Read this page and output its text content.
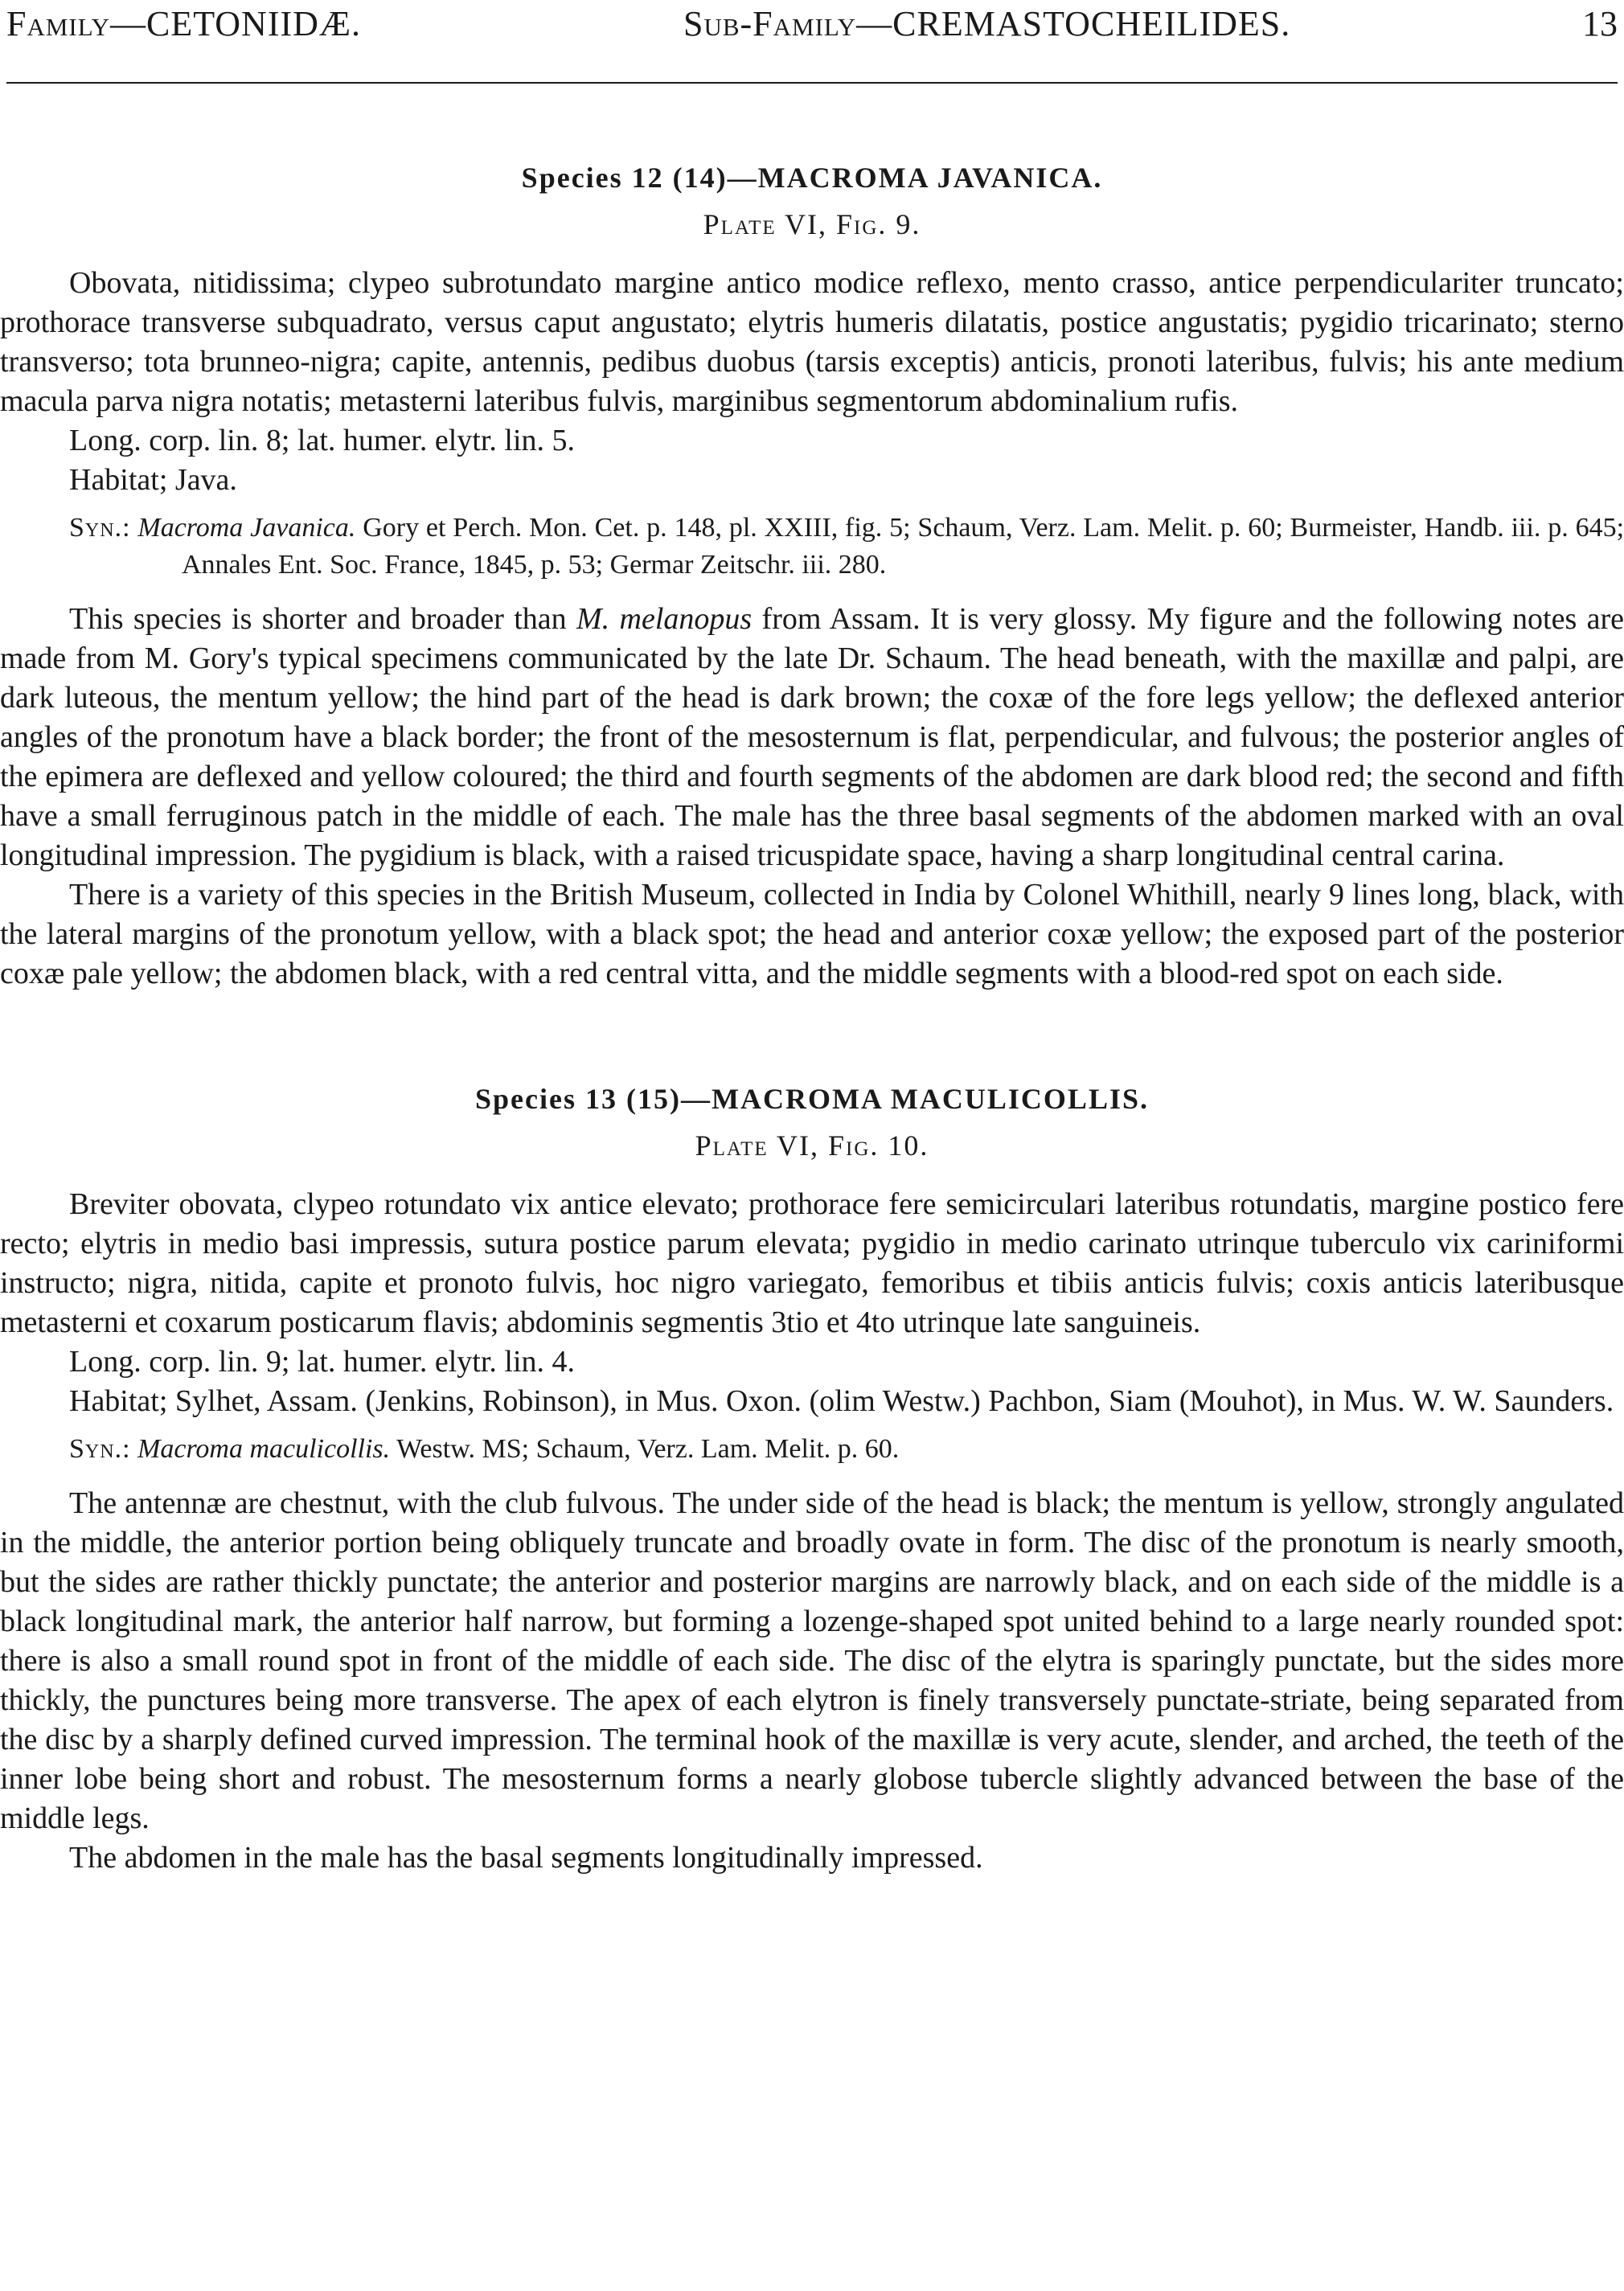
Family—CETONIIDÆ.	Sub-Family—CREMASTOCHEILIDES.	13
Species 12 (14)—MACROMA JAVANICA.
Plate VI, Fig. 9.

Obovata, nitidissima; clypeo subrotundato margine antico modice reflexo, mento crasso, antice perpendiculariter truncato; prothorace transverse subquadrato, versus caput angustato; elytris humeris dilatatis, postice angustatis; pygidio tricarinato; sterno transverso; tota brunneo-nigra; capite, antennis, pedibus duobus (tarsis exceptis) anticis, pronoti lateribus, fulvis; his ante medium macula parva nigra notatis; metasterni lateribus fulvis, marginibus segmentorum abdominalium rufis.

Long. corp. lin. 8; lat. humer. elytr. lin. 5.

Habitat; Java.

Syn.: Macroma Javanica. Gory et Perch. Mon. Cet. p. 148, pl. XXIII, fig. 5; Schaum, Verz. Lam. Melit. p. 60; Burmeister, Handb. iii. p. 645; Annales Ent. Soc. France, 1845, p. 53; Germar Zeitschr. iii. 280.

This species is shorter and broader than M. melanopus from Assam. It is very glossy. My figure and the following notes are made from M. Gory's typical specimens communicated by the late Dr. Schaum. The head beneath, with the maxillæ and palpi, are dark luteous, the mentum yellow; the hind part of the head is dark brown; the coxæ of the fore legs yellow; the deflexed anterior angles of the pronotum have a black border; the front of the mesosternum is flat, perpendicular, and fulvous; the posterior angles of the epimera are deflexed and yellow coloured; the third and fourth segments of the abdomen are dark blood red; the second and fifth have a small ferruginous patch in the middle of each. The male has the three basal segments of the abdomen marked with an oval longitudinal impression. The pygidium is black, with a raised tricuspidate space, having a sharp longitudinal central carina.

There is a variety of this species in the British Museum, collected in India by Colonel Whithill, nearly 9 lines long, black, with the lateral margins of the pronotum yellow, with a black spot; the head and anterior coxæ yellow; the exposed part of the posterior coxæ pale yellow; the abdomen black, with a red central vitta, and the middle segments with a blood-red spot on each side.

Species 13 (15)—MACROMA MACULICOLLIS.
Plate VI, Fig. 10.

Breviter obovata, clypeo rotundato vix antice elevato; prothorace fere semicirculari lateribus rotundatis, margine postico fere recto; elytris in medio basi impressis, sutura postice parum elevata; pygidio in medio carinato utrinque tuberculo vix cariniformi instructo; nigra, nitida, capite et pronoto fulvis, hoc nigro variegato, femoribus et tibiis anticis fulvis; coxis anticis lateribusque metasterni et coxarum posticarum flavis; abdominis segmentis 3tio et 4to utrinque late sanguineis.

Long. corp. lin. 9; lat. humer. elytr. lin. 4.

Habitat; Sylhet, Assam. (Jenkins, Robinson), in Mus. Oxon. (olim Westw.) Pachbon, Siam (Mouhot), in Mus. W. W. Saunders.

Syn.: Macroma maculicollis. Westw. MS; Schaum, Verz. Lam. Melit. p. 60.

The antennæ are chestnut, with the club fulvous. The under side of the head is black; the mentum is yellow, strongly angulated in the middle, the anterior portion being obliquely truncate and broadly ovate in form. The disc of the pronotum is nearly smooth, but the sides are rather thickly punctate; the anterior and posterior margins are narrowly black, and on each side of the middle is a black longitudinal mark, the anterior half narrow, but forming a lozenge-shaped spot united behind to a large nearly rounded spot: there is also a small round spot in front of the middle of each side. The disc of the elytra is sparingly punctate, but the sides more thickly, the punctures being more transverse. The apex of each elytron is finely transversely punctate-striate, being separated from the disc by a sharply defined curved impression. The terminal hook of the maxillæ is very acute, slender, and arched, the teeth of the inner lobe being short and robust. The mesosternum forms a nearly globose tubercle slightly advanced between the base of the middle legs.

The abdomen in the male has the basal segments longitudinally impressed.
